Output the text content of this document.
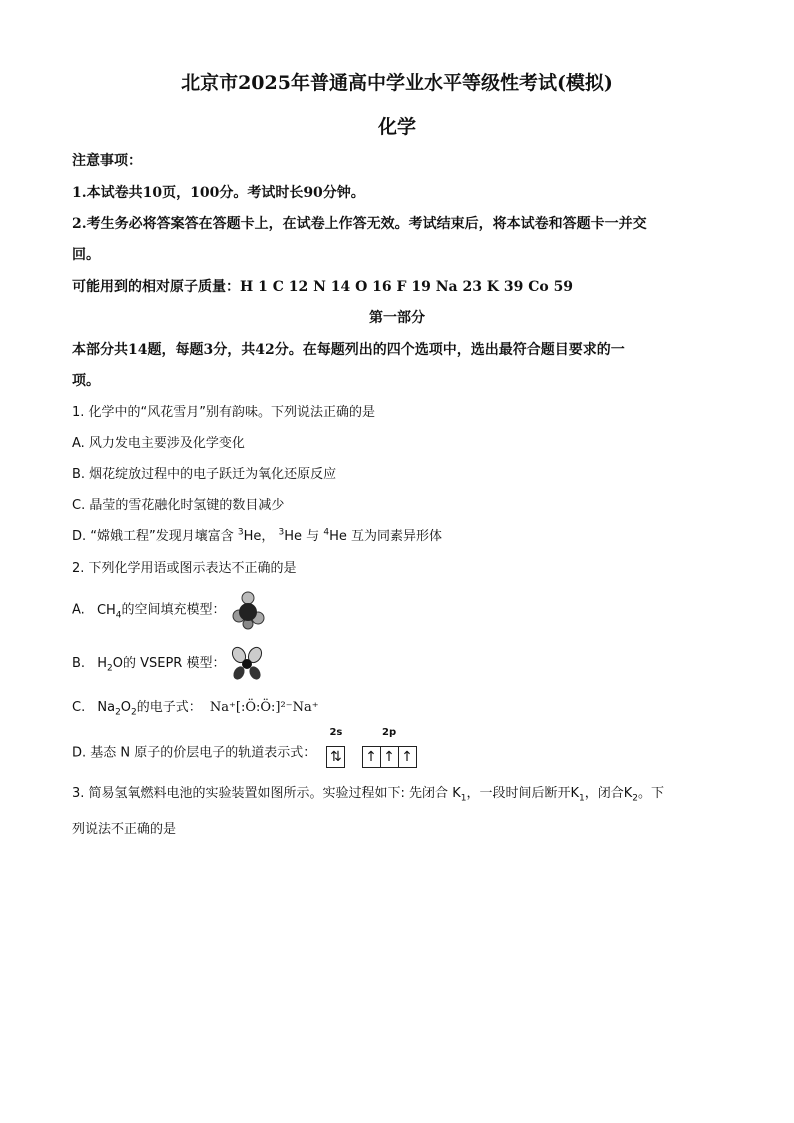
北京市2025年普通高中学业水平等级性考试(模拟)
化学
注意事项：
1.本试卷共10页，100分。考试时长90分钟。
2.考生务必将答案答在答题卡上，在试卷上作答无效。考试结束后，将本试卷和答题卡一并交
回。
可能用到的相对原子质量：H 1 C 12 N 14 O 16 F 19 Na 23 K 39 Co 59
第一部分
本部分共14题，每题3分，共42分。在每题列出的四个选项中，选出最符合题目要求的一
项。
1. 化学中的“风花雪月”别有韵味。下列说法正确的是
A. 风力发电主要涉及化学变化
B. 烟花绽放过程中的电子跃迁为氧化还原反应
C. 晶莹的雪花融化时氢键的数目减少
D. “嫦娥工程”发现月壤富含 $^3$He， $^3$He 与 $^4$He 互为同素异形体
2. 下列化学用语或图示表达不正确的是
A. $CH_4$的空间填充模型：
B. $H_2O$的 VSEPR 模型：
C. $Na_2O_2$的电子式： Na⁺[:Ö:Ö:]²⁻Na⁺
D. 基态 N 原子的价层电子的轨道表示式：
2s
⇅
2p
↑ ↑ ↑
3. 简易氢氧燃料电池的实验装置如图所示。实验过程如下: 先闭合 $K_1$，一段时间后断开$K_1$，闭合$K_2$。下
列说法不正确的是
